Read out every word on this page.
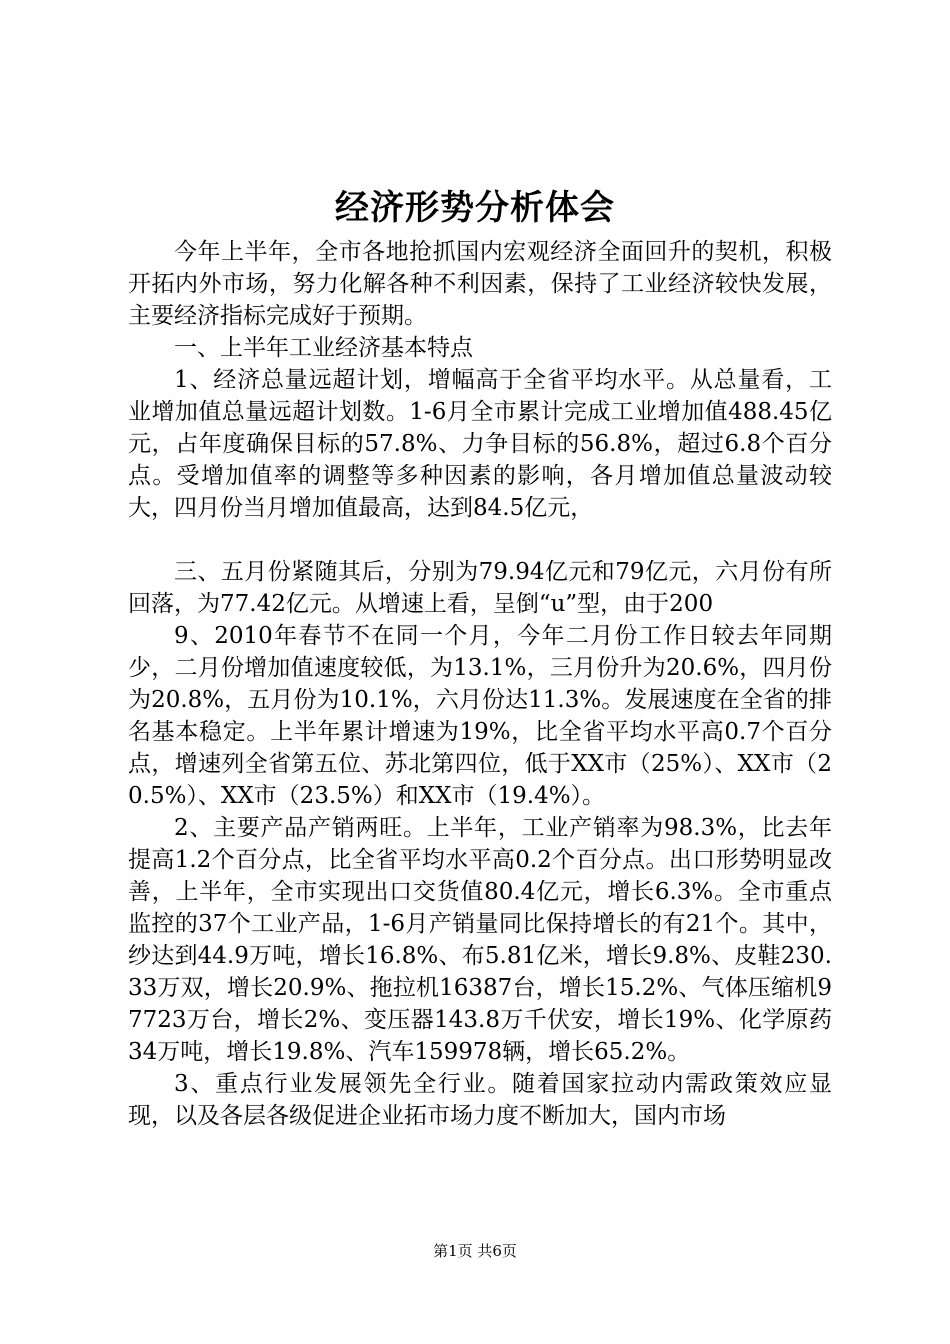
经济形势分析体会

今年上半年，全市各地抢抓国内宏观经济全面回升的契机，积极开拓内外市场，努力化解各种不利因素，保持了工业经济较快发展，主要经济指标完成好于预期。

一、上半年工业经济基本特点

1、经济总量远超计划，增幅高于全省平均水平。从总量看，工业增加值总量远超计划数。1-6月全市累计完成工业增加值488.45亿元，占年度确保目标的57.8%、力争目标的56.8%，超过6.8个百分点。受增加值率的调整等多种因素的影响，各月增加值总量波动较大，四月份当月增加值最高，达到84.5亿元，

三、五月份紧随其后，分别为79.94亿元和79亿元，六月份有所回落，为77.42亿元。从增速上看，呈倒“u”型，由于200

9、2010年春节不在同一个月，今年二月份工作日较去年同期少，二月份增加值速度较低，为13.1%，三月份升为20.6%，四月份为20.8%，五月份为10.1%，六月份达11.3%。发展速度在全省的排名基本稳定。上半年累计增速为19%，比全省平均水平高0.7个百分点，增速列全省第五位、苏北第四位，低于XX市（25%）、XX市（20.5%）、XX市（23.5%）和XX市（19.4%）。

2、主要产品产销两旺。上半年，工业产销率为98.3%，比去年提高1.2个百分点，比全省平均水平高0.2个百分点。出口形势明显改善，上半年，全市实现出口交货值80.4亿元，增长6.3%。全市重点监控的37个工业产品，1-6月产销量同比保持增长的有21个。其中，纱达到44.9万吨，增长16.8%、布5.81亿米，增长9.8%、皮鞋230.33万双，增长20.9%、拖拉机16387台，增长15.2%、气体压缩机97723万台，增长2%、变压器143.8万千伏安，增长19%、化学原药34万吨，增长19.8%、汽车159978辆，增长65.2%。

3、重点行业发展领先全行业。随着国家拉动内需政策效应显现，以及各层各级促进企业拓市场力度不断加大，国内市场

第1页 共6页
